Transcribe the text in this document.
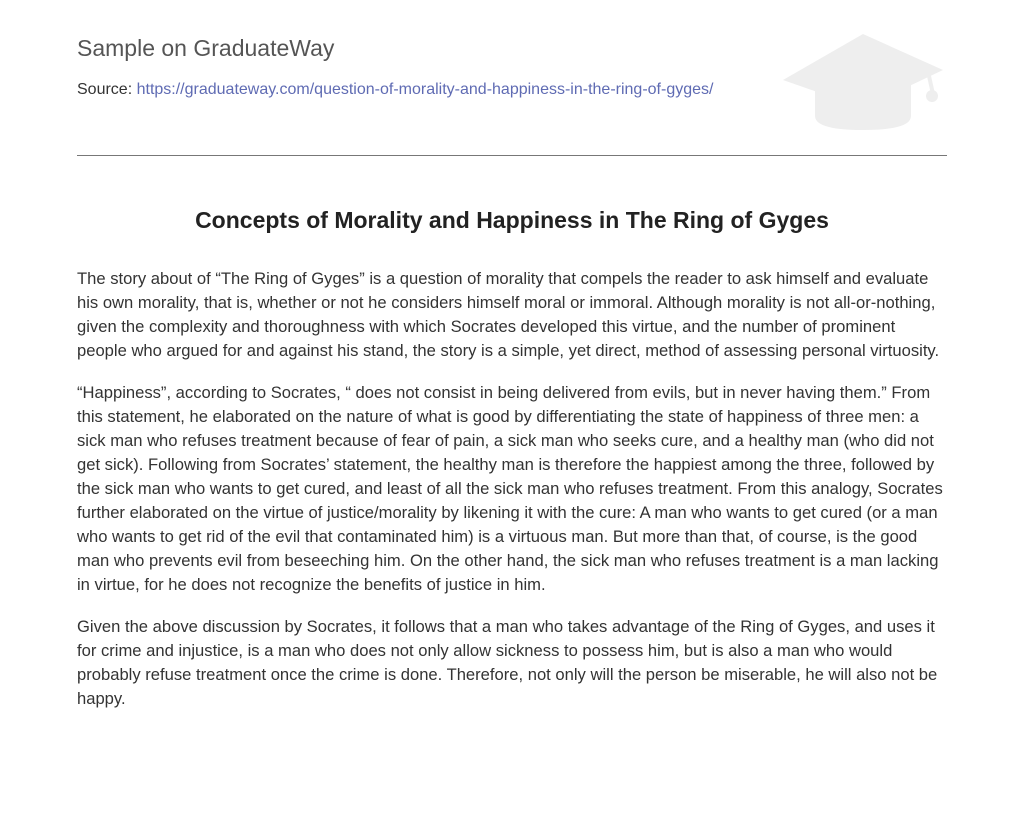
Sample on GraduateWay
Source: https://graduateway.com/question-of-morality-and-happiness-in-the-ring-of-gyges/
Concepts of Morality and Happiness in The Ring of Gyges

The story about of “The Ring of Gyges” is a question of morality that compels the reader to ask himself and evaluate his own morality, that is, whether or not he considers himself moral or immoral. Although morality is not all-or-nothing, given the complexity and thoroughness with which Socrates developed this virtue, and the number of prominent people who argued for and against his stand, the story is a simple, yet direct, method of assessing personal virtuosity.

“Happiness”, according to Socrates, “ does not consist in being delivered from evils, but in never having them.” From this statement, he elaborated on the nature of what is good by differentiating the state of happiness of three men: a sick man who refuses treatment because of fear of pain, a sick man who seeks cure, and a healthy man (who did not get sick). Following from Socrates’ statement, the healthy man is therefore the happiest among the three, followed by the sick man who wants to get cured, and least of all the sick man who refuses treatment. From this analogy, Socrates further elaborated on the virtue of justice/morality by likening it with the cure: A man who wants to get cured (or a man who wants to get rid of the evil that contaminated him) is a virtuous man. But more than that, of course, is the good man who prevents evil from beseeching him. On the other hand, the sick man who refuses treatment is a man lacking in virtue, for he does not recognize the benefits of justice in him.

Given the above discussion by Socrates, it follows that a man who takes advantage of the Ring of Gyges, and uses it for crime and injustice, is a man who does not only allow sickness to possess him, but is also a man who would probably refuse treatment once the crime is done. Therefore, not only will the person be miserable, he will also not be happy.
